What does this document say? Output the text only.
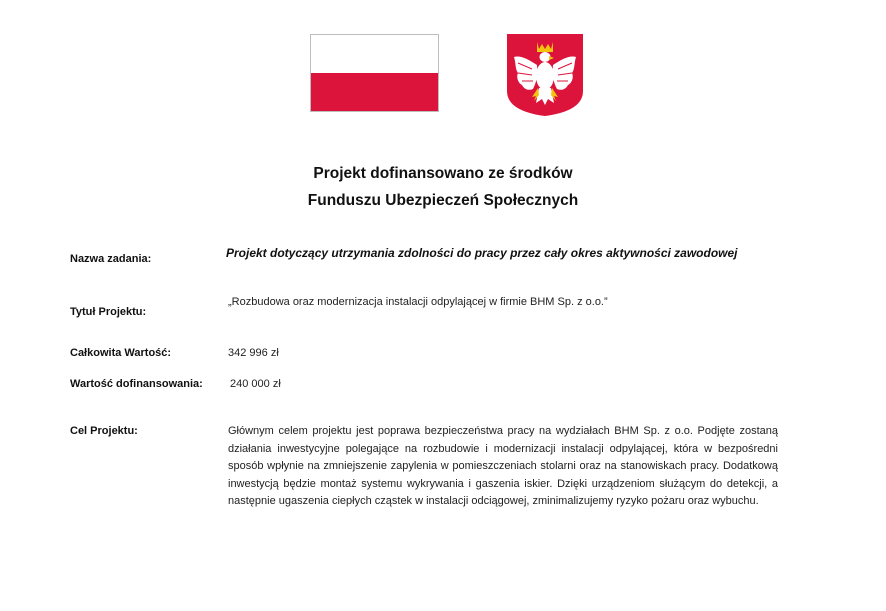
Projekt dofinansowano ze środków
Funduszu Ubezpieczeń Społecznych
Nazwa zadania:	Projekt dotyczący utrzymania zdolności do pracy przez cały okres aktywności zawodowej
Tytuł Projektu:
„Rozbudowa oraz modernizacja instalacji odpylającej w firmie BHM Sp. z o.o.”
Całkowita Wartość:	342 996 zł
Wartość dofinansowania: 240 000 zł
Cel Projektu:	Głównym celem projektu jest poprawa bezpieczeństwa pracy na wydziałach BHM Sp. z o.o. Podjęte zostaną działania inwestycyjne polegające na rozbudowie i modernizacji instalacji odpylającej, która w bezpośredni sposób wpłynie na zmniejszenie zapylenia w pomieszczeniach stolarni oraz na stanowiskach pracy. Dodatkową inwestycją będzie montaż systemu wykrywania i gaszenia iskier. Dzięki urządzeniom służącym do detekcji, a następnie ugaszenia ciepłych cząstek w instalacji odciągowej, zminimalizujemy ryzyko pożaru oraz wybuchu.
